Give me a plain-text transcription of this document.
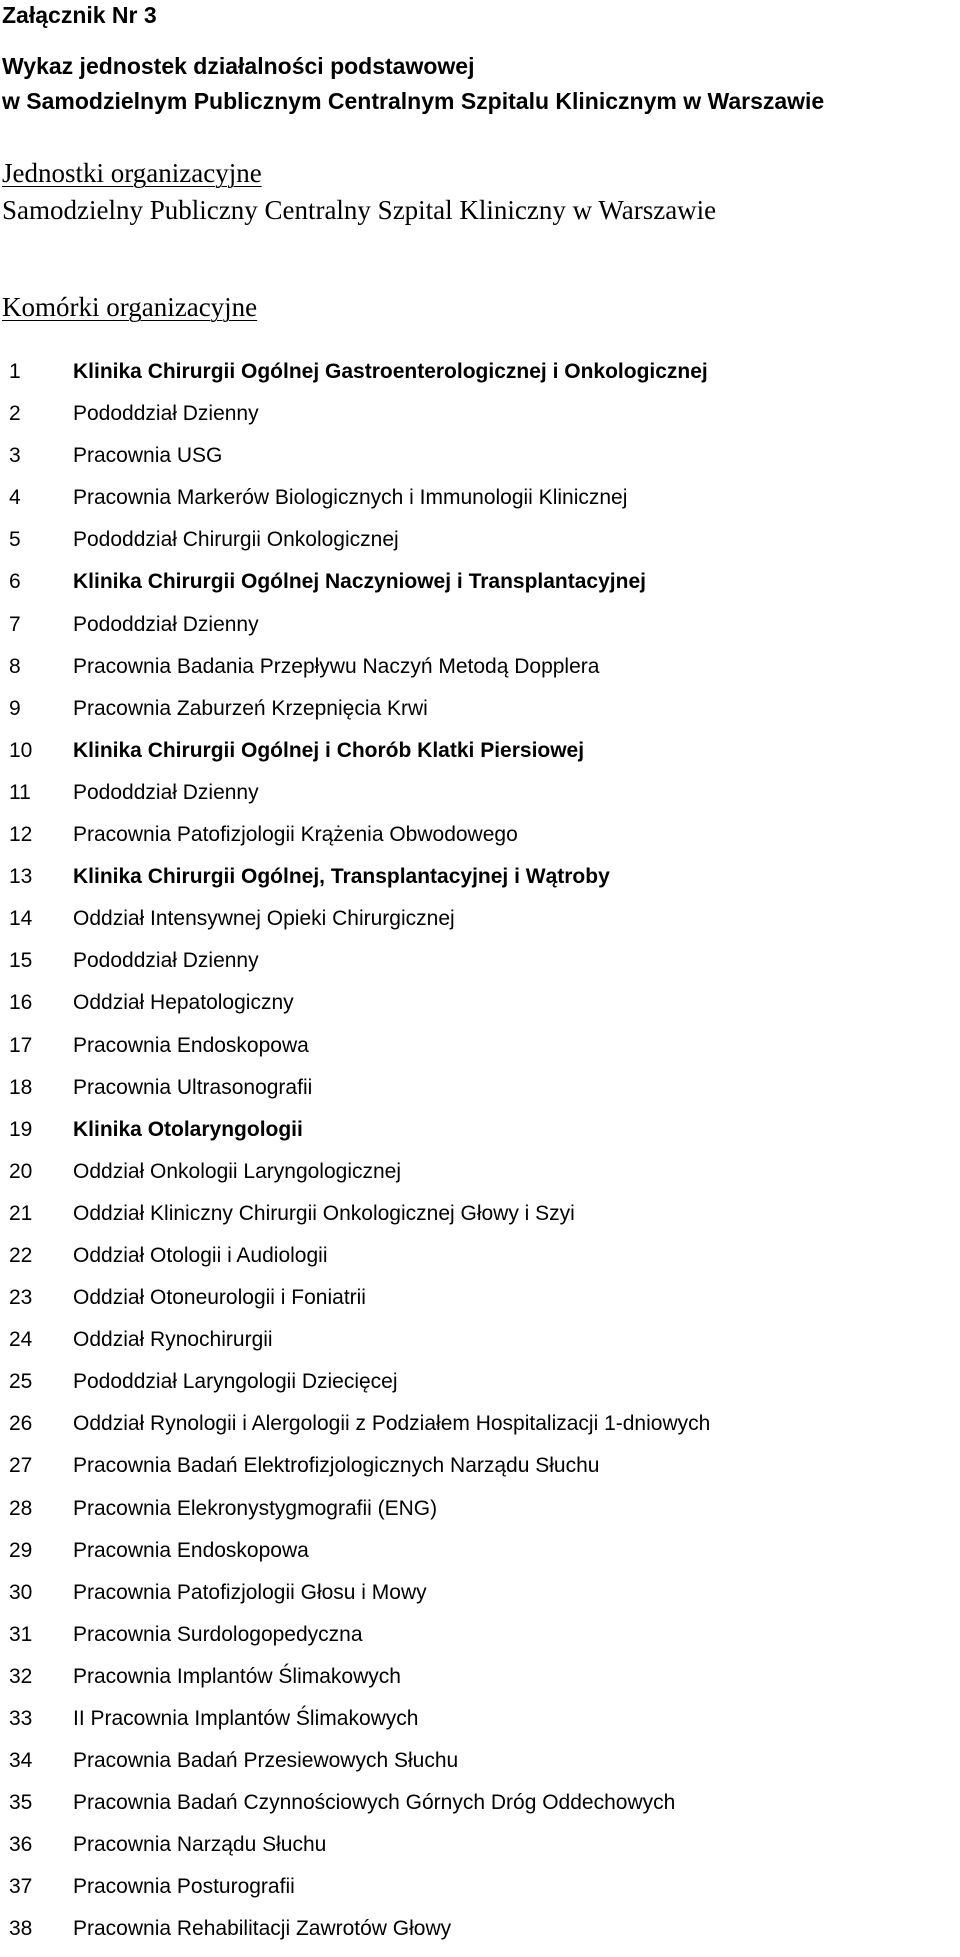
Załącznik Nr 3
Wykaz jednostek działalności podstawowej
w Samodzielnym Publicznym Centralnym Szpitalu Klinicznym w Warszawie
Jednostki organizacyjne
Samodzielny Publiczny Centralny Szpital Kliniczny w Warszawie
Komórki organizacyjne
1 Klinika Chirurgii Ogólnej Gastroenterologicznej i Onkologicznej
2 Pododdział Dzienny
3 Pracownia USG
4 Pracownia Markerów Biologicznych i Immunologii Klinicznej
5 Pododdział Chirurgii Onkologicznej
6 Klinika Chirurgii Ogólnej Naczyniowej i Transplantacyjnej
7 Pododdział Dzienny
8 Pracownia Badania Przepływu Naczyń Metodą Dopplera
9 Pracownia Zaburzeń Krzepnięcia Krwi
10 Klinika Chirurgii Ogólnej i Chorób Klatki Piersiowej
11 Pododdział Dzienny
12 Pracownia Patofizjologii Krążenia Obwodowego
13 Klinika Chirurgii Ogólnej, Transplantacyjnej i Wątroby
14 Oddział Intensywnej Opieki Chirurgicznej
15 Pododdział Dzienny
16 Oddział Hepatologiczny
17 Pracownia Endoskopowa
18 Pracownia Ultrasonografii
19 Klinika Otolaryngologii
20 Oddział Onkologii Laryngologicznej
21 Oddział Kliniczny Chirurgii Onkologicznej Głowy i Szyi
22 Oddział Otologii i Audiologii
23 Oddział Otoneurologii i Foniatrii
24 Oddział Rynochirurgii
25 Pododdział Laryngologii Dziecięcej
26 Oddział Rynologii i Alergologii z Podziałem Hospitalizacji 1-dniowych
27 Pracownia Badań Elektrofizjologicznych Narządu Słuchu
28 Pracownia Elekronystygmografii (ENG)
29 Pracownia Endoskopowa
30 Pracownia Patofizjologii Głosu i Mowy
31 Pracownia Surdologopedyczna
32 Pracownia Implantów Ślimakowych
33 II Pracownia Implantów Ślimakowych
34 Pracownia Badań Przesiewowych Słuchu
35 Pracownia Badań Czynnościowych Górnych Dróg Oddechowych
36 Pracownia Narządu Słuchu
37 Pracownia Posturografii
38 Pracownia Rehabilitacji Zawrotów Głowy
